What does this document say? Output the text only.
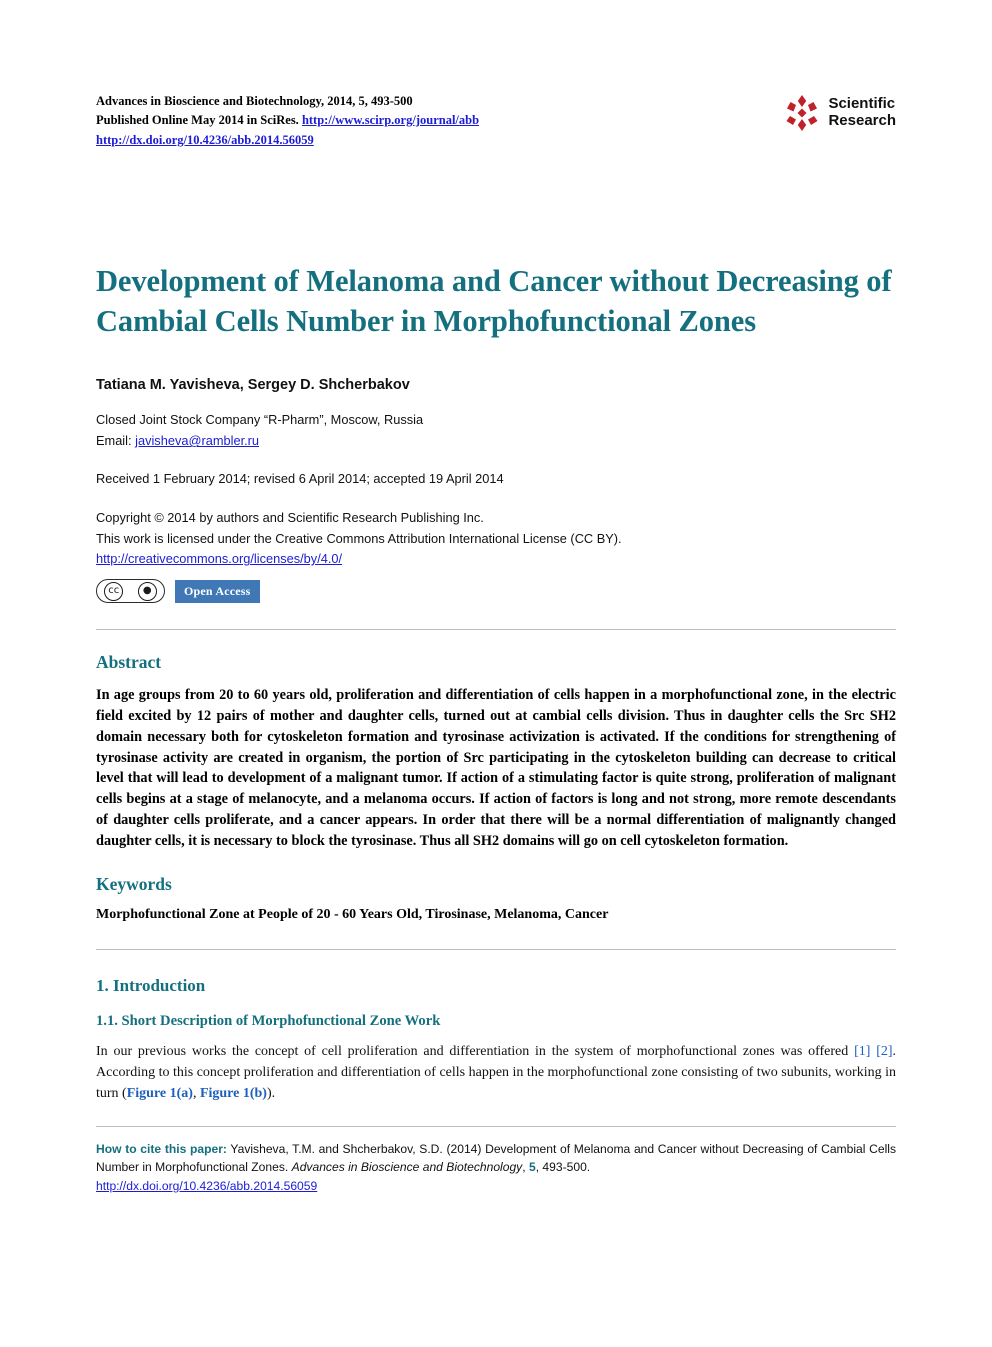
Advances in Bioscience and Biotechnology, 2014, 5, 493-500
Published Online May 2014 in SciRes. http://www.scirp.org/journal/abb
http://dx.doi.org/10.4236/abb.2014.56059
Scientific
Research
Development of Melanoma and Cancer without Decreasing of Cambial Cells Number in Morphofunctional Zones
Tatiana M. Yavisheva, Sergey D. Shcherbakov
Closed Joint Stock Company “R-Pharm”, Moscow, Russia
Email: javisheva@rambler.ru
Received 1 February 2014; revised 6 April 2014; accepted 19 April 2014
Copyright © 2014 by authors and Scientific Research Publishing Inc.
This work is licensed under the Creative Commons Attribution International License (CC BY).
http://creativecommons.org/licenses/by/4.0/
cc	●	Open Access
Abstract
In age groups from 20 to 60 years old, proliferation and differentiation of cells happen in a morphofunctional zone, in the electric field excited by 12 pairs of mother and daughter cells, turned out at cambial cells division. Thus in daughter cells the Src SH2 domain necessary both for cytoskeleton formation and tyrosinase activization is activated. If the conditions for strengthening of tyrosinase activity are created in organism, the portion of Src participating in the cytoskeleton building can decrease to critical level that will lead to development of a malignant tumor. If action of a stimulating factor is quite strong, proliferation of malignant cells begins at a stage of melanocyte, and a melanoma occurs. If action of factors is long and not strong, more remote descendants of daughter cells proliferate, and a cancer appears. In order that there will be a normal differentiation of malignantly changed daughter cells, it is necessary to block the tyrosinase. Thus all SH2 domains will go on cell cytoskeleton formation.
Keywords
Morphofunctional Zone at People of 20 - 60 Years Old, Tirosinase, Melanoma, Cancer
1. Introduction
1.1. Short Description of Morphofunctional Zone Work
In our previous works the concept of cell proliferation and differentiation in the system of morphofunctional zones was offered [1] [2]. According to this concept proliferation and differentiation of cells happen in the morphofunctional zone consisting of two subunits, working in turn (Figure 1(a), Figure 1(b)).
How to cite this paper: Yavisheva, T.M. and Shcherbakov, S.D. (2014) Development of Melanoma and Cancer without Decreasing of Cambial Cells Number in Morphofunctional Zones. Advances in Bioscience and Biotechnology, 5, 493-500.
http://dx.doi.org/10.4236/abb.2014.56059
